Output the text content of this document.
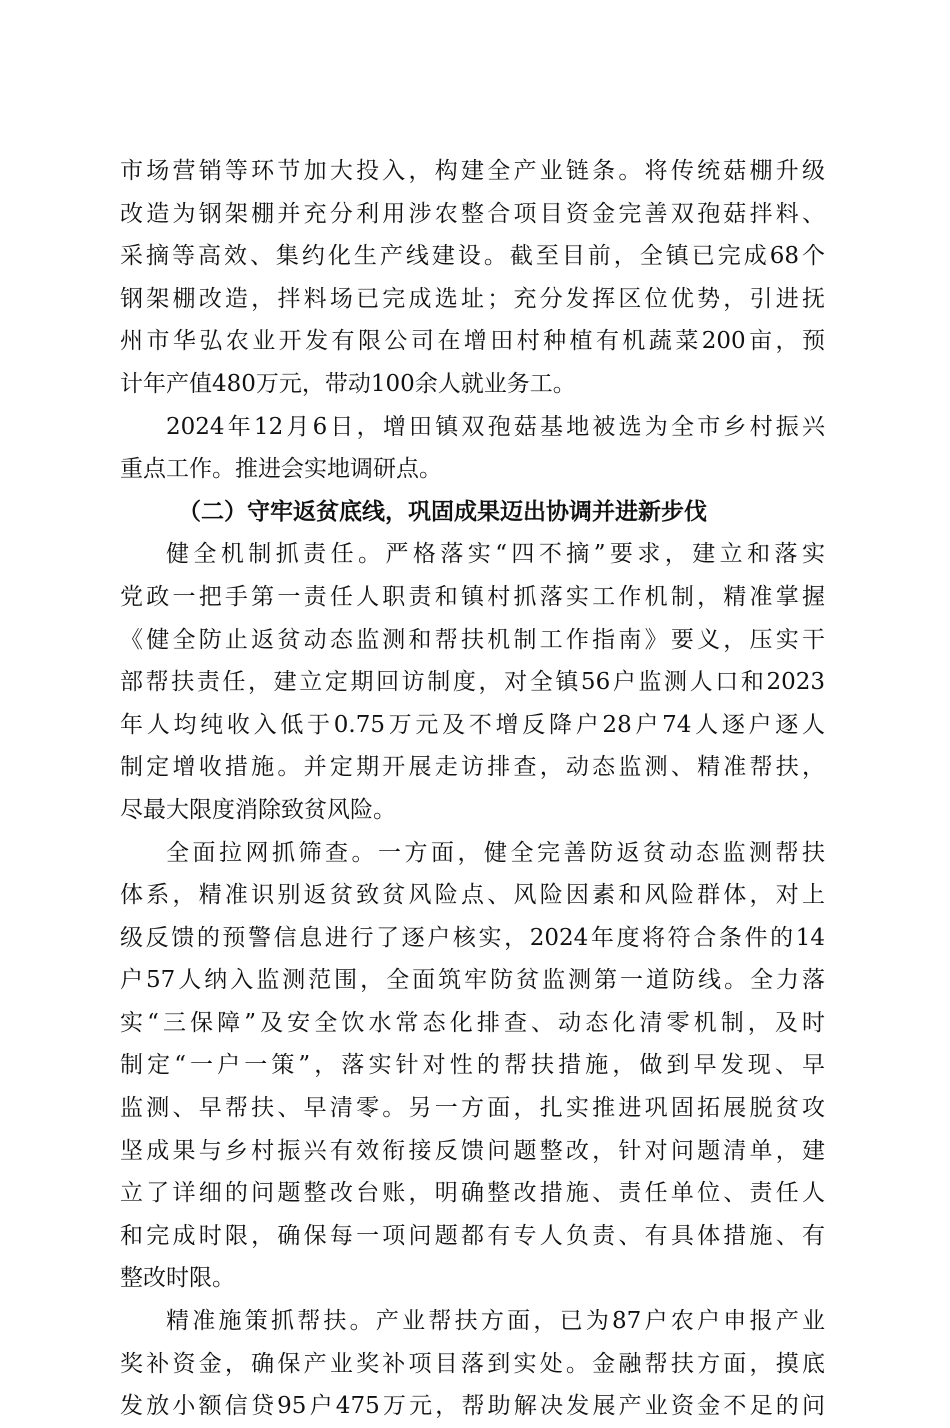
市场营销等环节加大投入，构建全产业链条。将传统菇棚升级
改造为钢架棚并充分利用涉农整合项目资金完善双孢菇拌料、
采摘等高效、集约化生产线建设。截至目前，全镇已完成68个
钢架棚改造，拌料场已完成选址；充分发挥区位优势，引进抚
州市华弘农业开发有限公司在增田村种植有机蔬菜200亩，预
计年产值480万元，带动100余人就业务工。
2024年12月6日，增田镇双孢菇基地被选为全市乡村振兴
重点工作。推进会实地调研点。
（二）守牢返贫底线，巩固成果迈出协调并进新步伐
健全机制抓责任。严格落实“四不摘”要求，建立和落实
党政一把手第一责任人职责和镇村抓落实工作机制，精准掌握
《健全防止返贫动态监测和帮扶机制工作指南》要义，压实干
部帮扶责任，建立定期回访制度，对全镇56户监测人口和2023
年人均纯收入低于0.75万元及不增反降户28户74人逐户逐人
制定增收措施。并定期开展走访排查，动态监测、精准帮扶，
尽最大限度消除致贫风险。
全面拉网抓筛查。一方面，健全完善防返贫动态监测帮扶
体系，精准识别返贫致贫风险点、风险因素和风险群体，对上
级反馈的预警信息进行了逐户核实，2024年度将符合条件的14
户57人纳入监测范围，全面筑牢防贫监测第一道防线。全力落
实“三保障”及安全饮水常态化排查、动态化清零机制，及时
制定“一户一策”，落实针对性的帮扶措施，做到早发现、早
监测、早帮扶、早清零。另一方面，扎实推进巩固拓展脱贫攻
坚成果与乡村振兴有效衔接反馈问题整改，针对问题清单，建
立了详细的问题整改台账，明确整改措施、责任单位、责任人
和完成时限，确保每一项问题都有专人负责、有具体措施、有
整改时限。
精准施策抓帮扶。产业帮扶方面，已为87户农户申报产业
奖补资金，确保产业奖补项目落到实处。金融帮扶方面，摸底
发放小额信贷95户475万元，帮助解决发展产业资金不足的问
